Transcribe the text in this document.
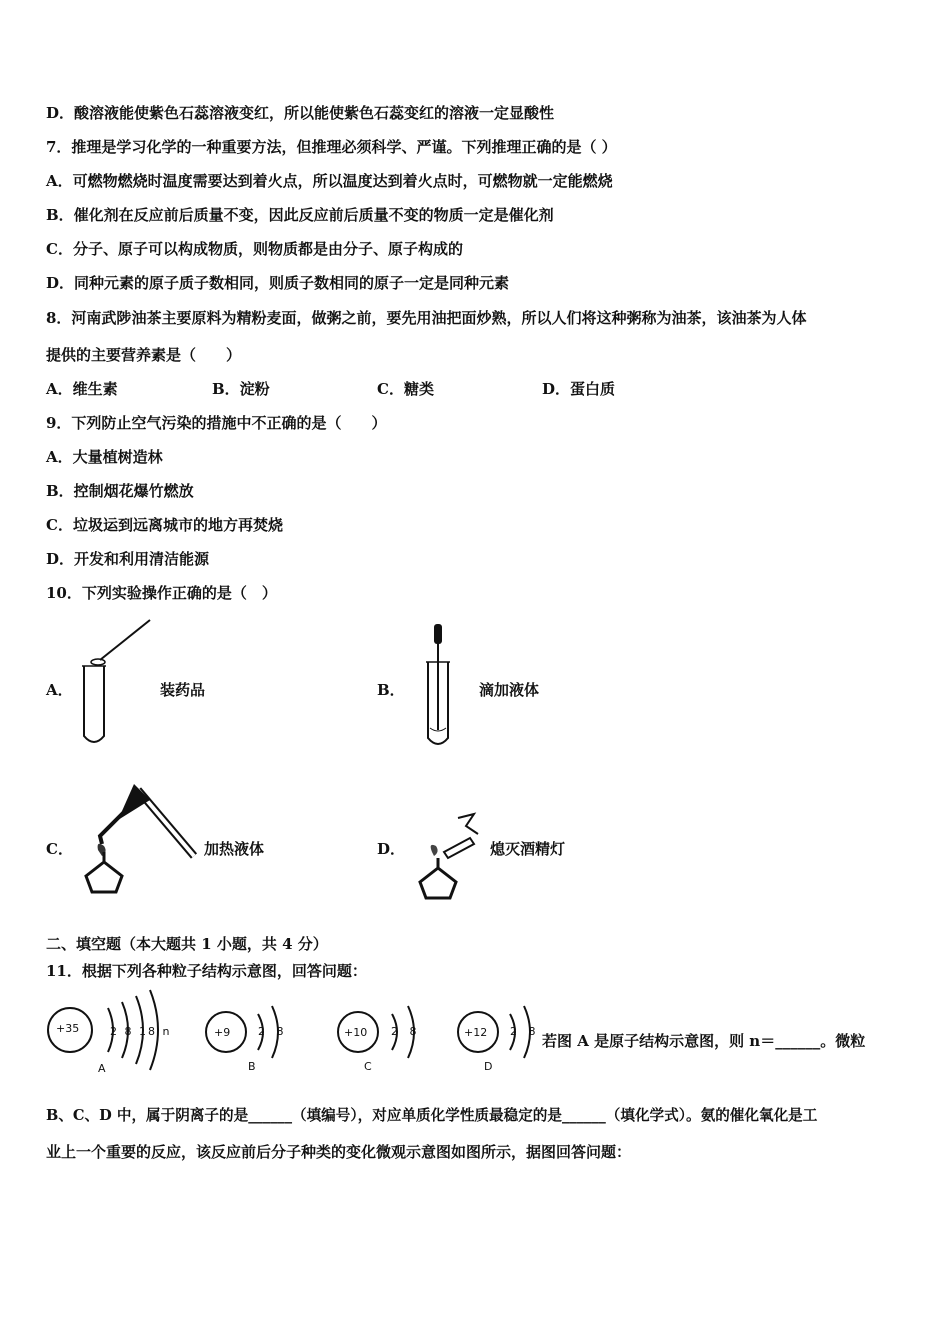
D．酸溶液能使紫色石蕊溶液变红，所以能使紫色石蕊变红的溶液一定显酸性
7．推理是学习化学的一种重要方法，但推理必须科学、严谨。下列推理正确的是（ ）
A．可燃物燃烧时温度需要达到着火点，所以温度达到着火点时，可燃物就一定能燃烧
B．催化剂在反应前后质量不变，因此反应前后质量不变的物质一定是催化剂
C．分子、原子可以构成物质，则物质都是由分子、原子构成的
D．同种元素的原子质子数相同，则质子数相同的原子一定是同种元素
8．河南武陟油茶主要原料为精粉麦面，做粥之前，要先用油把面炒熟，所以人们将这种粥称为油茶，该油茶为人体
提供的主要营养素是（　　）
A．维生素	B．淀粉	C．糖类	D．蛋白质
9．下列防止空气污染的措施中不正确的是（　　）
A．大量植树造林
B．控制烟花爆竹燃放
C．垃圾运到远离城市的地方再焚烧
D．开发和利用清洁能源
10．下列实验操作正确的是（　）
A．	装药品	B．	滴加液体
C．	加热液体	D．	熄灭酒精灯
二、填空题（本大题共 1 小题，共 4 分）
11．根据下列各种粒子结构示意图，回答问题：
+35	2 8 18 n
A
+9	2 8
B
+10 2 8
C
+12 2 8
D
若图 A 是原子结构示意图，则 n＝______。微粒
B、C、D 中，属于阴离子的是______（填编号），对应单质化学性质最稳定的是______（填化学式）。氨的催化氧化是工
业上一个重要的反应，该反应前后分子种类的变化微观示意图如图所示，据图回答问题：
